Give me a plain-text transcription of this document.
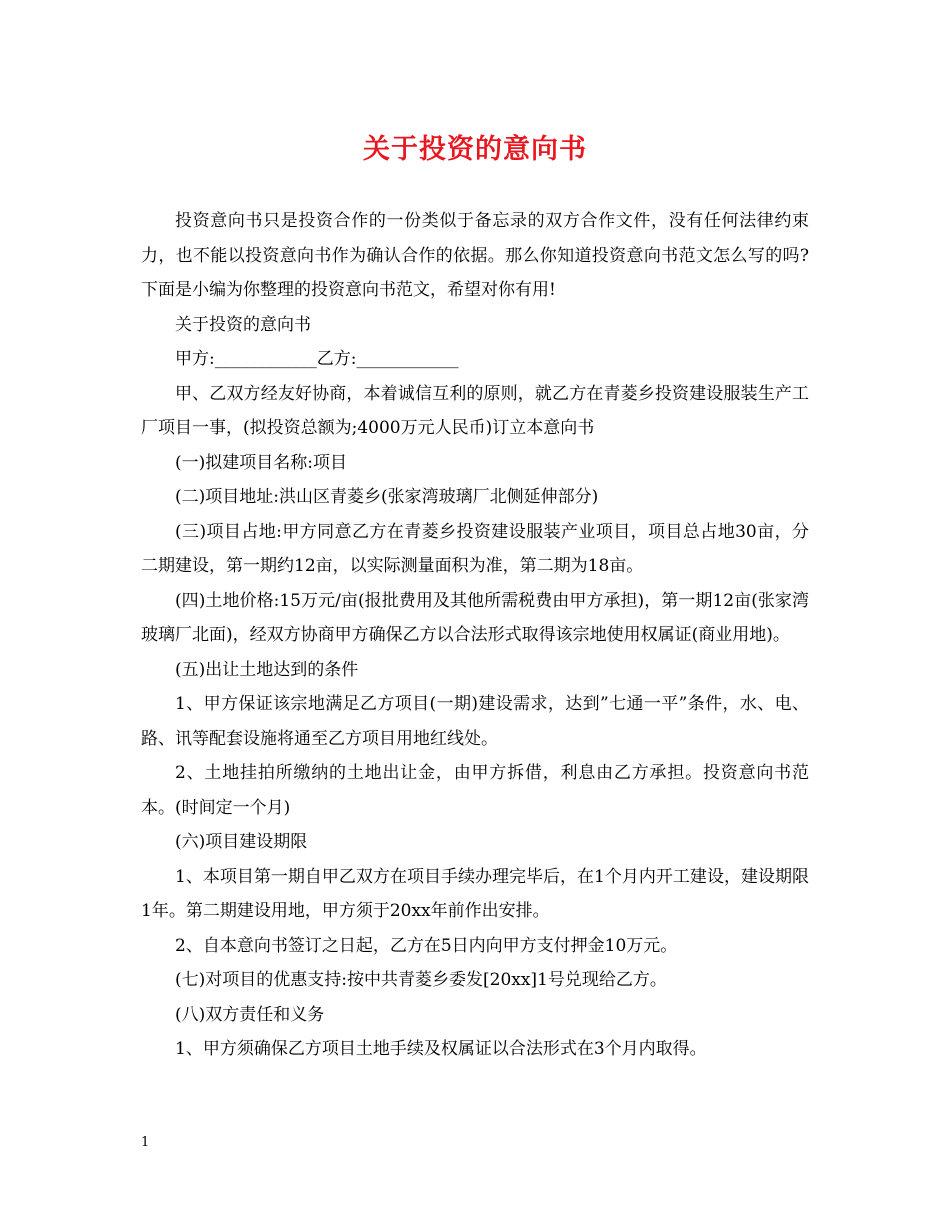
关于投资的意向书

投资意向书只是投资合作的一份类似于备忘录的双方合作文件，没有任何法律约束力，也不能以投资意向书作为确认合作的依据。那么你知道投资意向书范文怎么写的吗?下面是小编为你整理的投资意向书范文，希望对你有用!

关于投资的意向书

甲方:____________乙方:____________

甲、乙双方经友好协商，本着诚信互利的原则，就乙方在青菱乡投资建设服装生产工厂项目一事，(拟投资总额为;4000万元人民币)订立本意向书

(一)拟建项目名称:项目

(二)项目地址:洪山区青菱乡(张家湾玻璃厂北侧延伸部分)

(三)项目占地:甲方同意乙方在青菱乡投资建设服装产业项目，项目总占地30亩，分二期建设，第一期约12亩，以实际测量面积为准，第二期为18亩。

(四)土地价格:15万元/亩(报批费用及其他所需税费由甲方承担)，第一期12亩(张家湾玻璃厂北面)，经双方协商甲方确保乙方以合法形式取得该宗地使用权属证(商业用地)。

(五)出让土地达到的条件

1、甲方保证该宗地满足乙方项目(一期)建设需求，达到”七通一平”条件，水、电、路、讯等配套设施将通至乙方项目用地红线处。

2、土地挂拍所缴纳的土地出让金，由甲方拆借，利息由乙方承担。投资意向书范本。(时间定一个月)

(六)项目建设期限

1、本项目第一期自甲乙双方在项目手续办理完毕后，在1个月内开工建设，建设期限1年。第二期建设用地，甲方须于20xx年前作出安排。

2、自本意向书签订之日起，乙方在5日内向甲方支付押金10万元。

(七)对项目的优惠支持:按中共青菱乡委发[20xx]1号兑现给乙方。

(八)双方责任和义务

1、甲方须确保乙方项目土地手续及权属证以合法形式在3个月内取得。

1
